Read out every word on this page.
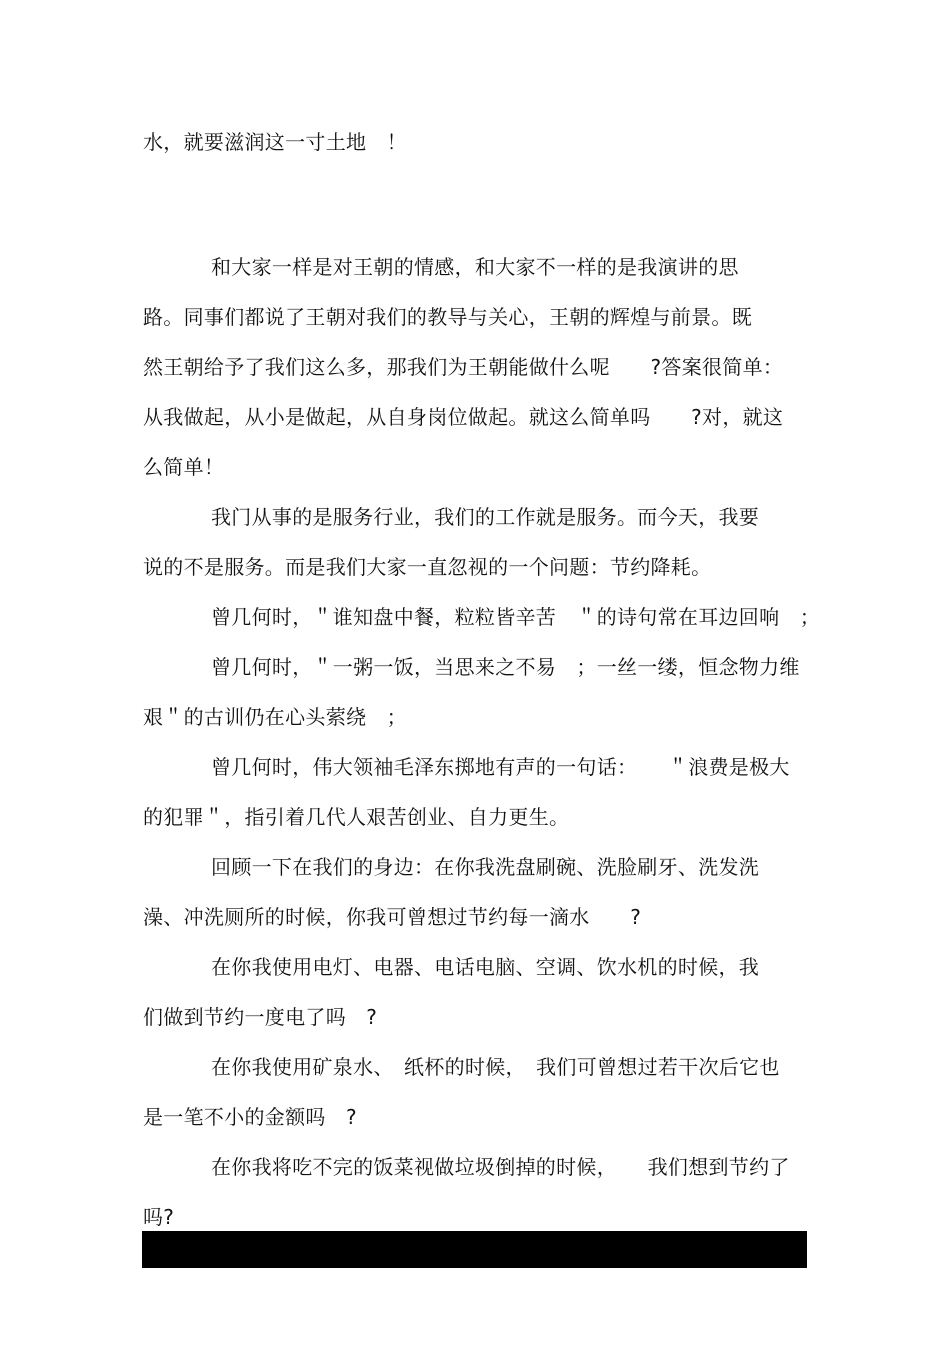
水，就要滋润这一寸土地　！
和大家一样是对王朝的情感，和大家不一样的是我演讲的思
路。同事们都说了王朝对我们的教导与关心，王朝的辉煌与前景。既
然王朝给予了我们这么多，那我们为王朝能做什么呢　　?答案很简单：
从我做起，从小是做起，从自身岗位做起。就这么简单吗　　?对，就这
么简单！
我门从事的是服务行业，我们的工作就是服务。而今天，我要
说的不是服务。而是我们大家一直忽视的一个问题：节约降耗。
曾几何时，＂谁知盘中餐，粒粒皆辛苦　＂的诗句常在耳边回响　；
曾几何时，＂一粥一饭，当思来之不易　；一丝一缕，恒念物力维
艰＂的古训仍在心头萦绕　；
曾几何时，伟大领袖毛泽东掷地有声的一句话：　　＂浪费是极大
的犯罪＂，指引着几代人艰苦创业、自力更生。
回顾一下在我们的身边：在你我洗盘刷碗、洗脸刷牙、洗发洗
澡、冲洗厕所的时候，你我可曾想过节约每一滴水　　?
在你我使用电灯、电器、电话电脑、空调、饮水机的时候，我
们做到节约一度电了吗　?
在你我使用矿泉水、　纸杯的时候，　我们可曾想过若干次后它也
是一笔不小的金额吗　?
在你我将吃不完的饭菜视做垃圾倒掉的时候，　　我们想到节约了
吗?
